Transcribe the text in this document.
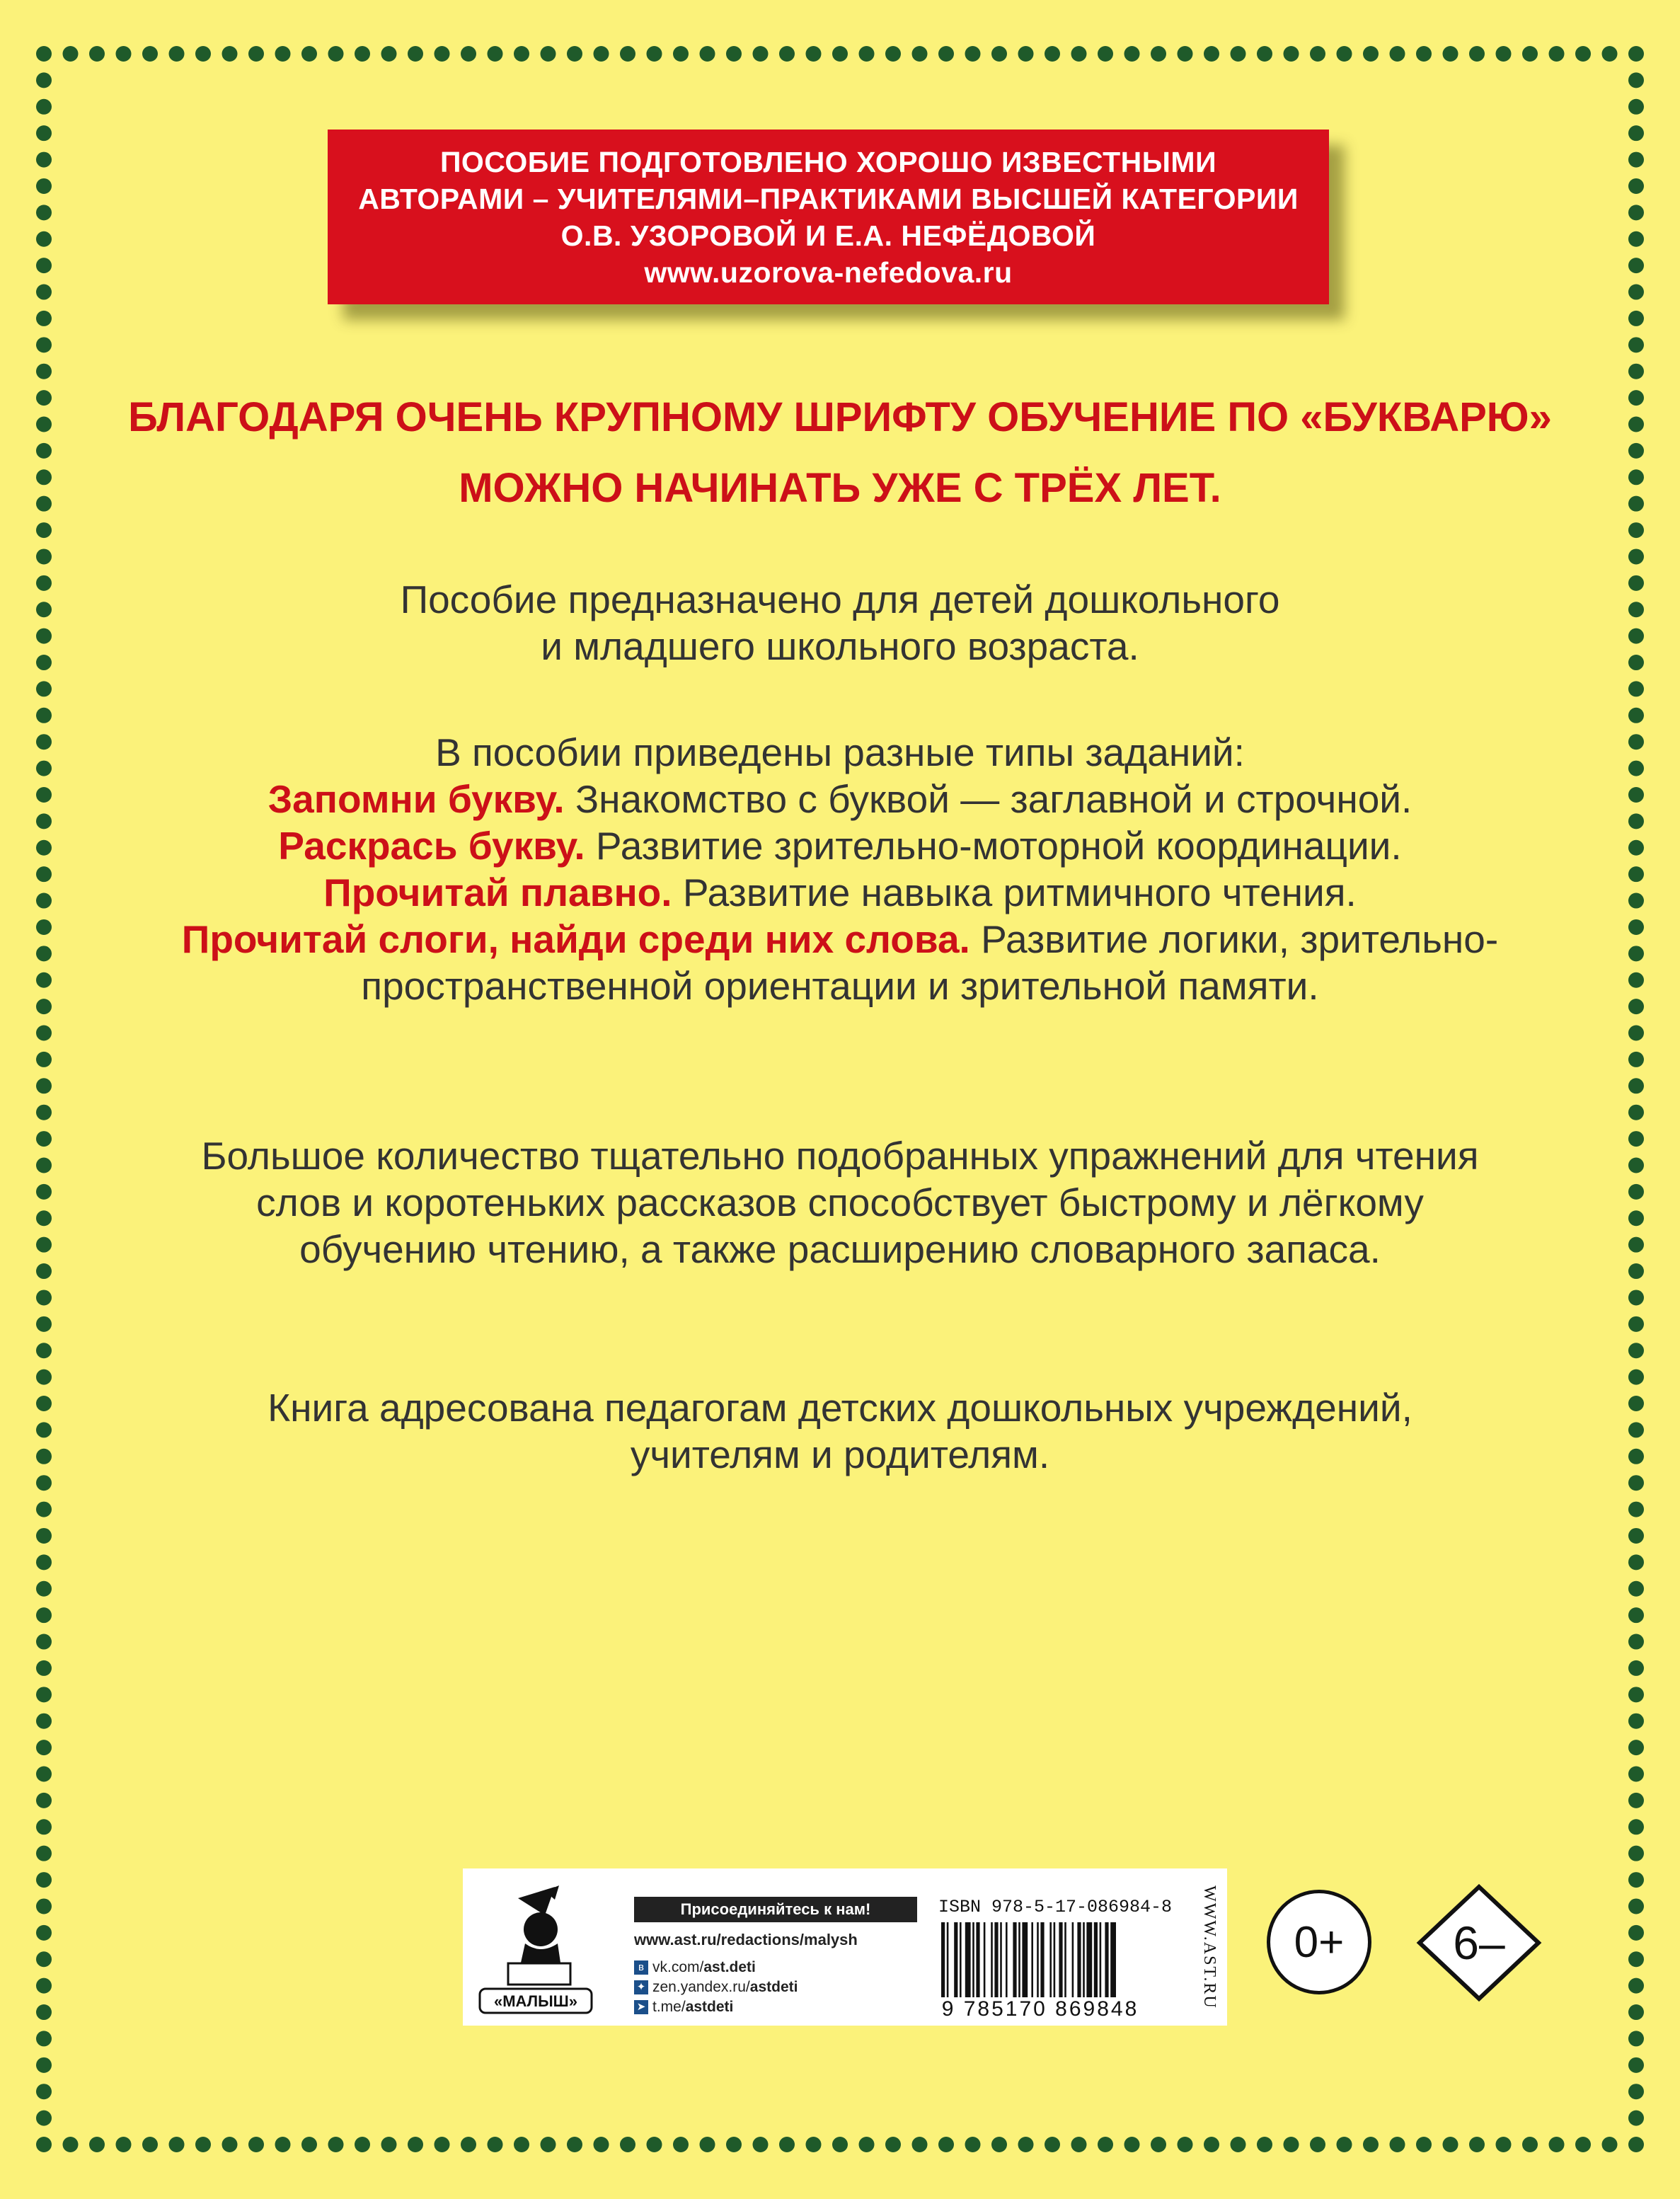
ПОСОБИЕ ПОДГОТОВЛЕНО ХОРОШО ИЗВЕСТНЫМИ
АВТОРАМИ – УЧИТЕЛЯМИ–ПРАКТИКАМИ ВЫСШЕЙ КАТЕГОРИИ
О.В. УЗОРОВОЙ И Е.А. НЕФЁДОВОЙ
www.uzorova-nefedova.ru
БЛАГОДАРЯ ОЧЕНЬ КРУПНОМУ ШРИФТУ ОБУЧЕНИЕ ПО «БУКВАРЮ»
МОЖНО НАЧИНАТЬ УЖЕ С ТРЁХ ЛЕТ.
Пособие предназначено для детей дошкольного
и младшего школьного возраста.
В пособии приведены разные типы заданий:
Запомни букву. Знакомство с буквой — заглавной и строчной.
Раскрась букву. Развитие зрительно-моторной координации.
Прочитай плавно. Развитие навыка ритмичного чтения.
Прочитай слоги, найди среди них слова. Развитие логики, зрительно-
пространственной ориентации и зрительной памяти.
Большое количество тщательно подобранных упражнений для чтения
слов и коротеньких рассказов способствует быстрому и лёгкому
обучению чтению, а также расширению словарного запаса.
Книга адресована педагогам детских дошкольных учреждений,
учителям и родителям.
«МАЛЫШ»
Присоединяйтесь к нам!
www.ast.ru/redactions/malysh
в vk.com/ ast.deti
✦ zen.yandex.ru/ astdeti
➤ t.me/ astdeti
ISBN 978-5-17-086984-8
9 785170 869848	WWW.AST.RU	0+	6–
